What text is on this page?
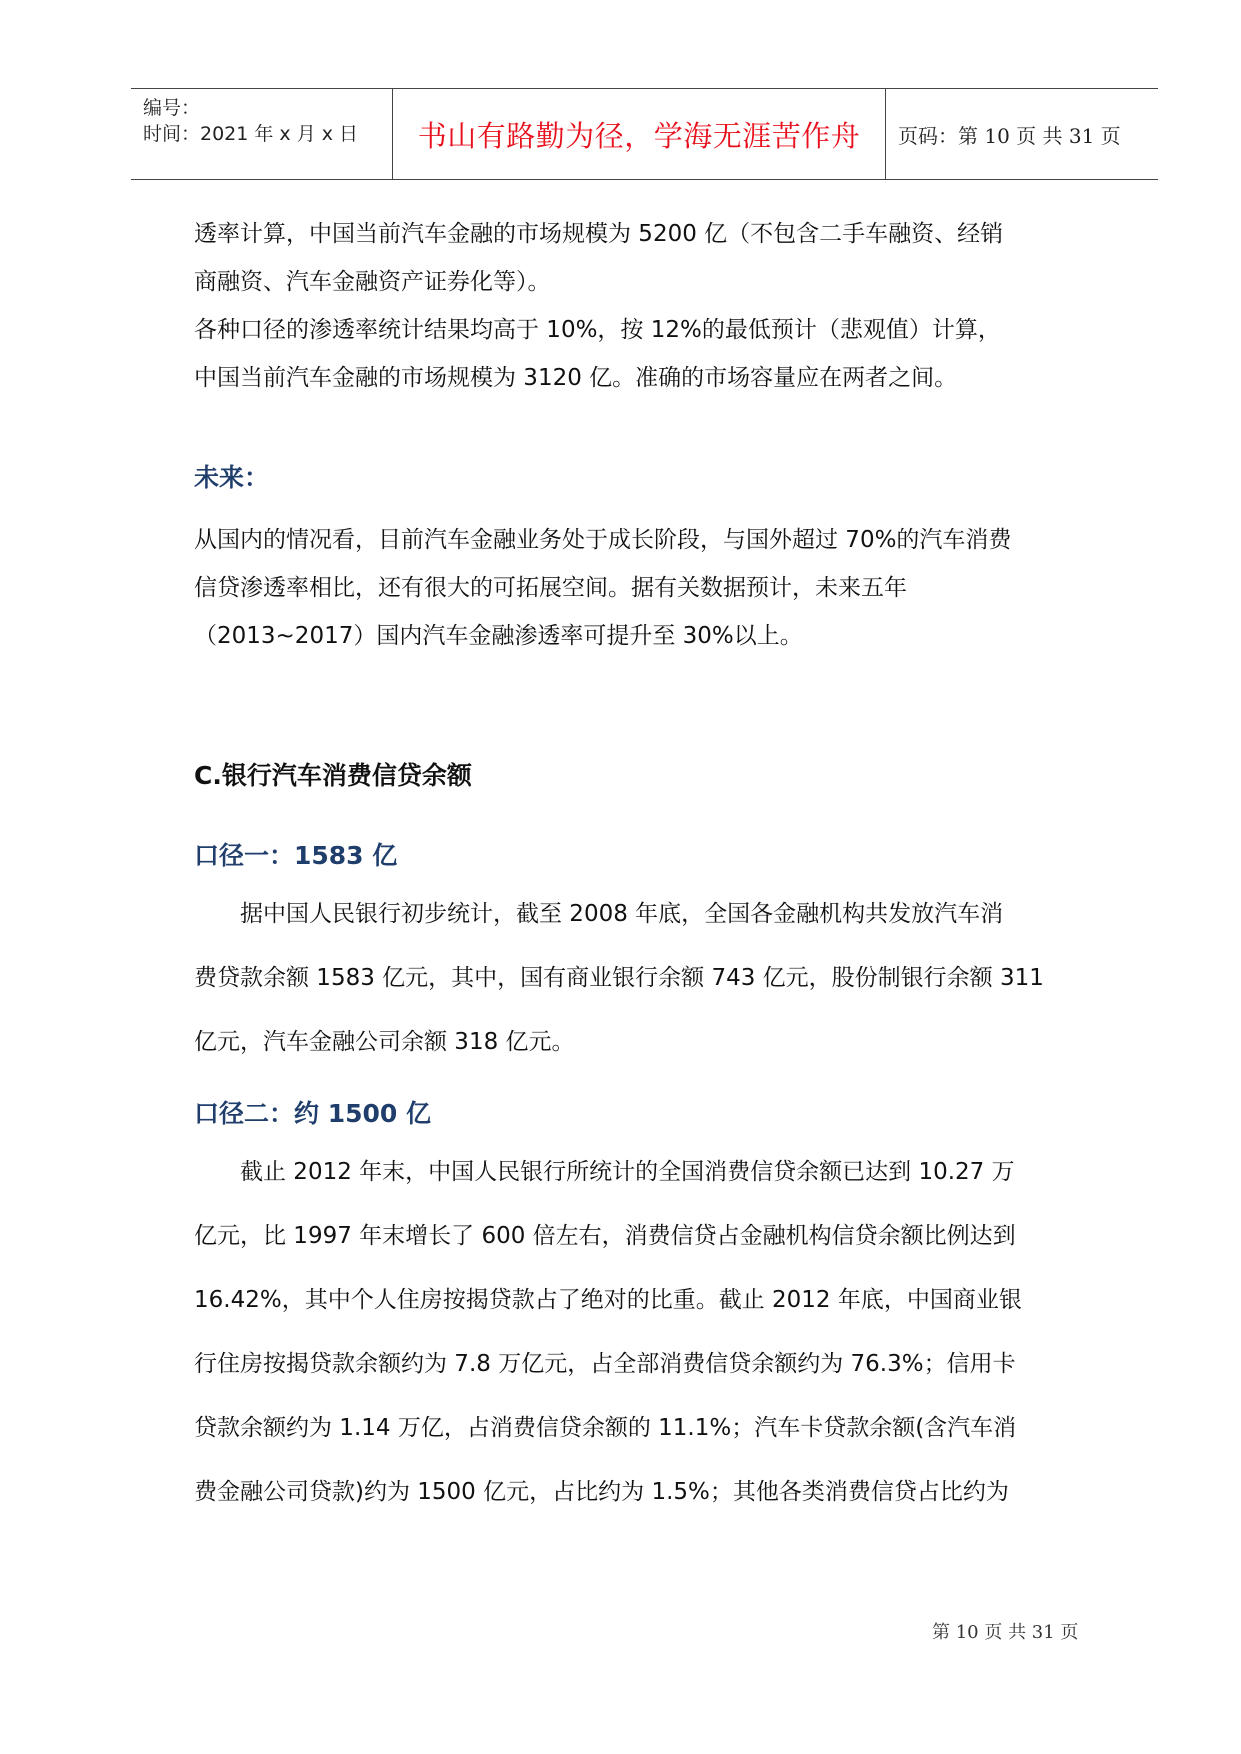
编号：
时间：2021 年 x 月 x 日 书山有路勤为径，学海无涯苦作舟 页码：第 10 页 共 31 页

透率计算，中国当前汽车金融的市场规模为 5200 亿（不包含二手车融资、经销
商融资、汽车金融资产证券化等）。
各种口径的渗透率统计结果均高于 10%，按 12%的最低预计（悲观值）计算，
中国当前汽车金融的市场规模为 3120 亿。准确的市场容量应在两者之间。

未来：

从国内的情况看，目前汽车金融业务处于成长阶段，与国外超过 70%的汽车消费
信贷渗透率相比，还有很大的可拓展空间。据有关数据预计，未来五年
（2013~2017）国内汽车金融渗透率可提升至 30%以上。

C.银行汽车消费信贷余额
口径一：1583 亿

据中国人民银行初步统计，截至 2008 年底，全国各金融机构共发放汽车消
费贷款余额 1583 亿元，其中，国有商业银行余额 743 亿元，股份制银行余额 311
亿元，汽车金融公司余额 318 亿元。

口径二：约 1500 亿

截止 2012 年末，中国人民银行所统计的全国消费信贷余额已达到 10.27 万
亿元，比 1997 年末增长了 600 倍左右，消费信贷占金融机构信贷余额比例达到
16.42%，其中个人住房按揭贷款占了绝对的比重。截止 2012 年底，中国商业银
行住房按揭贷款余额约为 7.8 万亿元，占全部消费信贷余额约为 76.3%；信用卡
贷款余额约为 1.14 万亿，占消费信贷余额的 11.1%；汽车卡贷款余额(含汽车消
费金融公司贷款)约为 1500 亿元，占比约为 1.5%；其他各类消费信贷占比约为

第 10 页 共 31 页
